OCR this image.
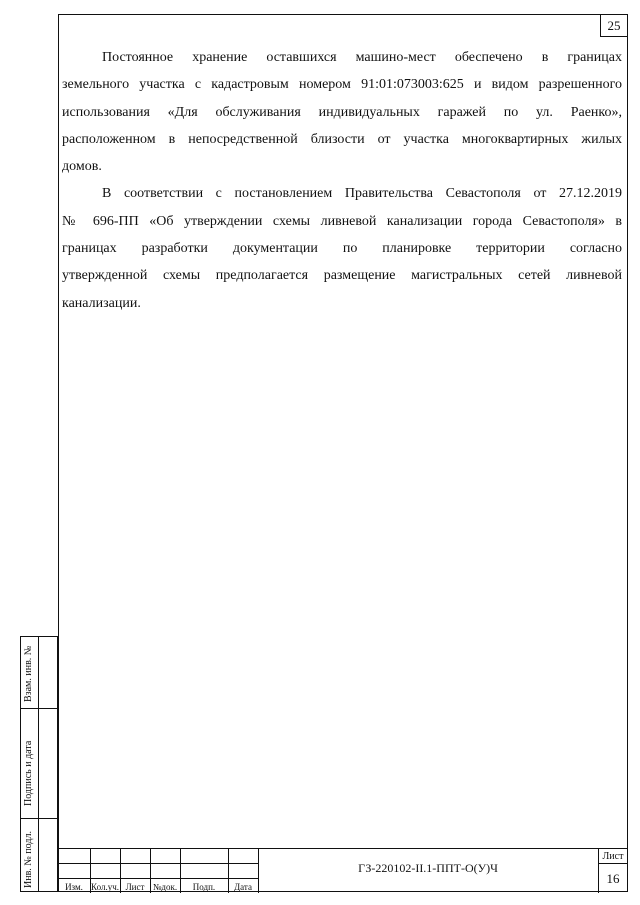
25
Постоянное хранение оставшихся машино-мест обеспечено в границах
земельного участка с кадастровым номером 91:01:073003:625 и видом разрешенного
использования «Для обслуживания индивидуальных гаражей по ул. Раенко»,
расположенном в непосредственной близости от участка многоквартирных жилых
домов.
В соответствии с постановлением Правительства Севастополя от 27.12.2019
№ 696-ПП «Об утверждении схемы ливневой канализации города Севастополя» в
границах разработки документации по планировке территории согласно
утвержденной схемы предполагается размещение магистральных сетей ливневой
канализации.
Взам. инв. №
Подпись и дата
Инв. № подл.	Изм. Кол.уч. Лист №док.	Подп.	Дата
ГЗ-220102-II.1-ППТ-О(У)Ч
Лист
16
